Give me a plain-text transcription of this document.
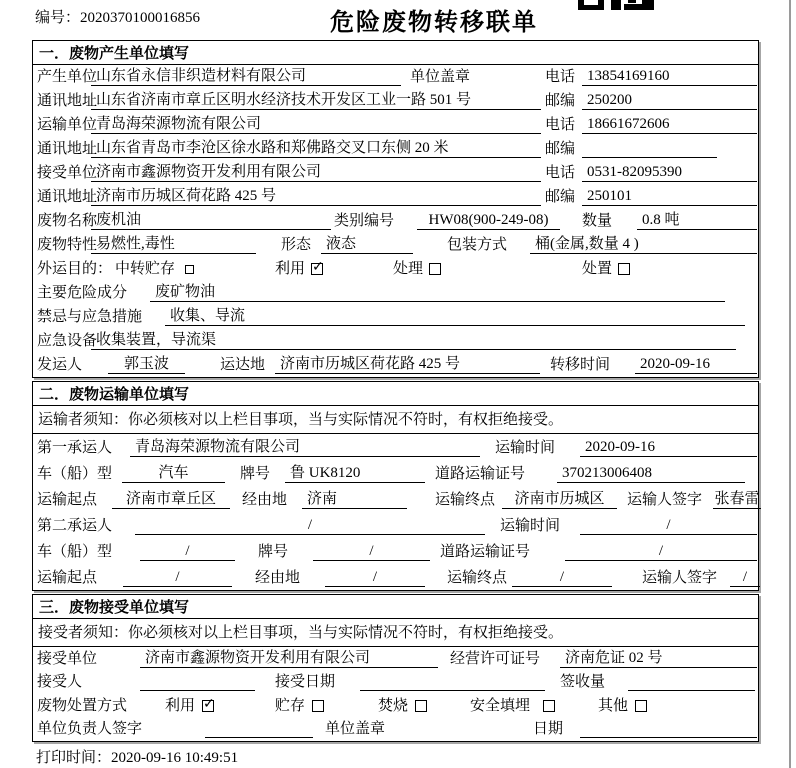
编号：2020370100016856	危险废物转移联单
一．废物产生单位填写
产生单位
山东省永信非织造材料有限公司	单位盖章	电话 13854169160
通讯地址
山东省济南市章丘区明水经济技术开发区工业一路 501 号	邮编 250200
运输单位
青岛海荣源物流有限公司	电话 18661672606
通讯地址
山东省青岛市李沧区徐水路和郑佛路交叉口东侧 20 米	邮编
接受单位
济南市鑫源物资开发利用有限公司	电话 0531-82095390
通讯地址
济南市历城区荷花路 425 号	邮编 250101
废物名称
废机油	类别编号	HW08(900-249-08)	数量	0.8 吨
废物特性
易燃性,毒性	形态 液态	包装方式	桶(金属,数量 4 )
外运目的： 中转贮存	利用 ✓	处理	处置
主要危险成分	废矿物油
禁忌与应急措施	收集、导流
应急设备
收集装置，导流渠
发运人	郭玉波	运达地 济南市历城区荷花路 425 号	转移时间	2020-09-16
二．废物运输单位填写
运输者须知：你必须核对以上栏目事项，当与实际情况不符时，有权拒绝接受。
第一承运人	青岛海荣源物流有限公司	运输时间	2020-09-16
车（船）型	汽车	牌号	鲁 UK8120	道路运输证号	370213006408
运输起点	济南市章丘区	经由地	济南	运输终点	济南市历城区	运输人签字 张春雷
第二承运人	/	运输时间	/
车（船）型	/	牌号	/	道路运输证号	/
运输起点	/	经由地	/	运输终点	/	运输人签字	/
三．废物接受单位填写
接受者须知：你必须核对以上栏目事项，当与实际情况不符时，有权拒绝接受。
接受单位	济南市鑫源物资开发利用有限公司	经营许可证号	济南危证 02 号
接受人	接受日期	签收量
废物处置方式	利用 ✓	贮存	焚烧	安全填埋	其他
单位负责人签字	单位盖章	日期
打印时间：2020-09-16 10:49:51
